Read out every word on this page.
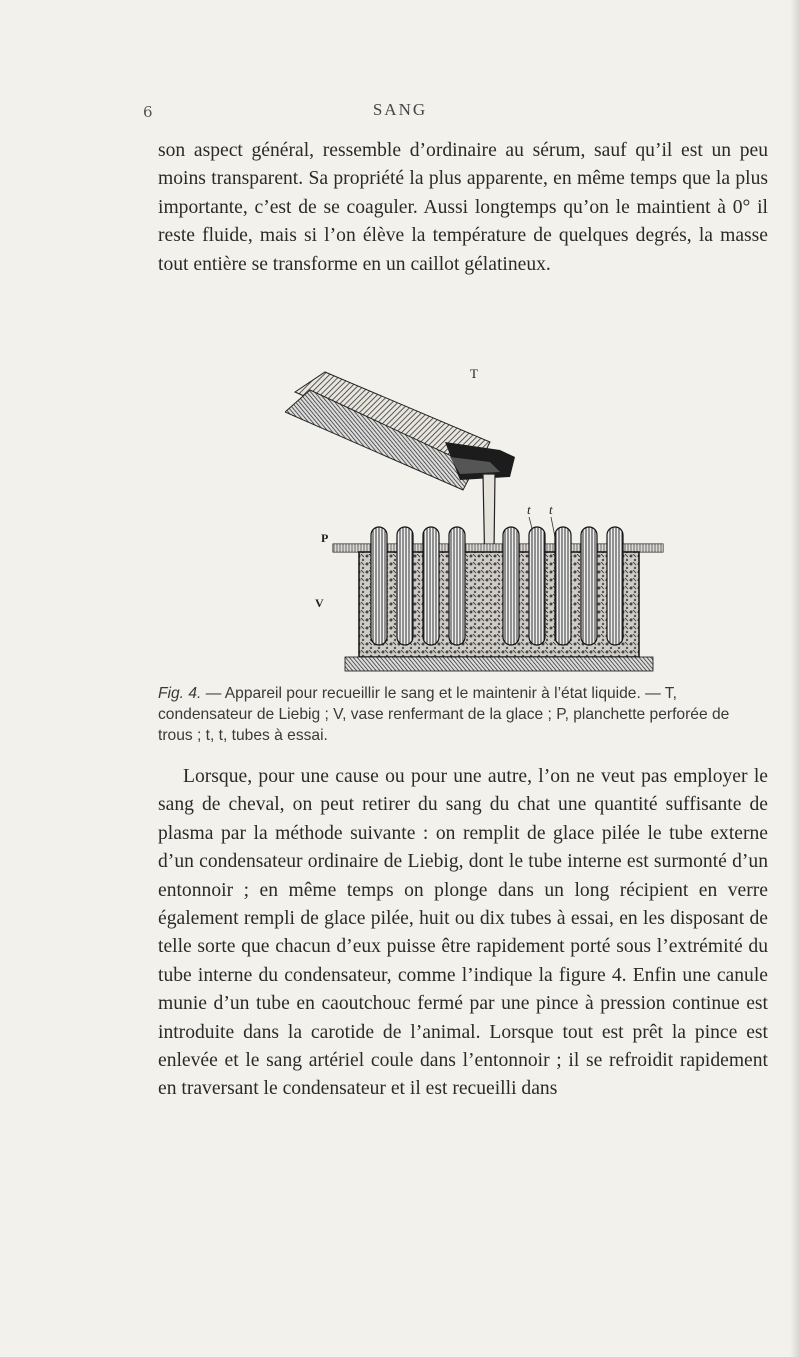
6	SANG

son aspect général, ressemble d’ordinaire au sérum, sauf qu’il est un peu moins transparent. Sa propriété la plus apparente, en même temps que la plus importante, c’est de se coaguler. Aussi longtemps qu’on le maintient à 0° il reste fluide, mais si l’on élève la température de quelques degrés, la masse tout entière se transforme en un caillot gélatineux.

T
t t
P
V

Fig. 4. — Appareil pour recueillir le sang et le maintenir à l’état liquide. — T, condensateur de Liebig ; V, vase renfermant de la glace ; P, planchette perforée de trous ; t, t, tubes à essai.

Lorsque, pour une cause ou pour une autre, l’on ne veut pas employer le sang de cheval, on peut retirer du sang du chat une quantité suffisante de plasma par la méthode suivante : on remplit de glace pilée le tube externe d’un condensateur ordinaire de Liebig, dont le tube interne est surmonté d’un entonnoir ; en même temps on plonge dans un long récipient en verre également rempli de glace pilée, huit ou dix tubes à essai, en les disposant de telle sorte que chacun d’eux puisse être rapidement porté sous l’extrémité du tube interne du condensateur, comme l’indique la figure 4. Enfin une canule munie d’un tube en caoutchouc fermé par une pince à pression continue est introduite dans la carotide de l’animal. Lorsque tout est prêt la pince est enlevée et le sang artériel coule dans l’entonnoir ; il se refroidit rapidement en traversant le condensateur et il est recueilli dans
